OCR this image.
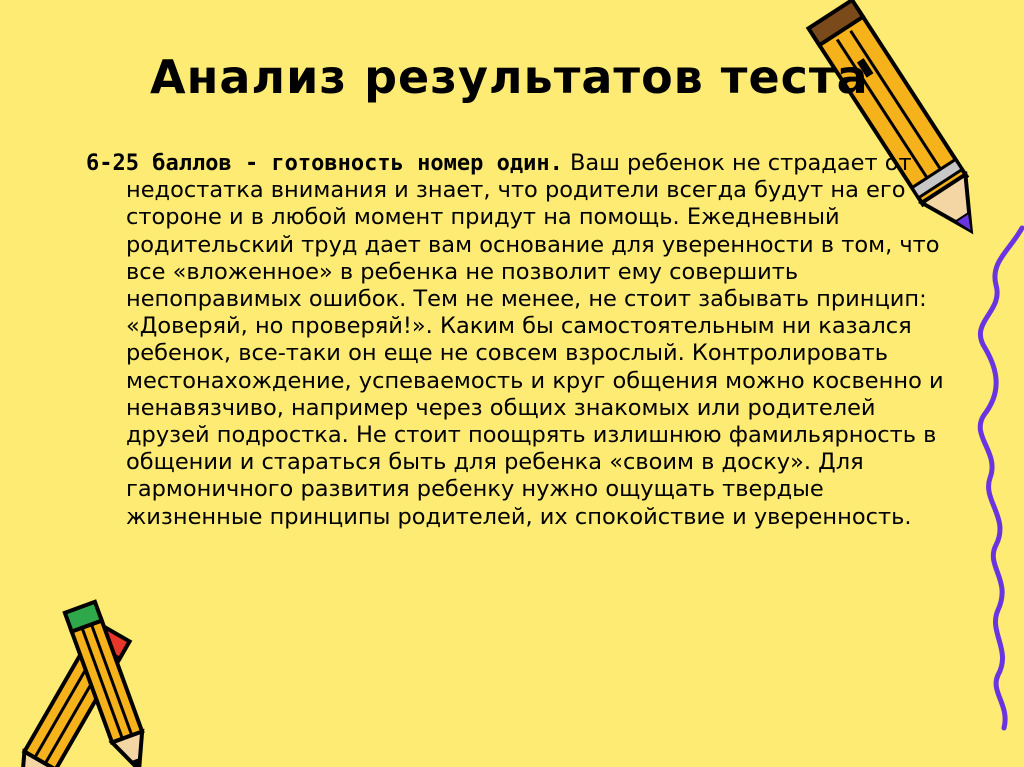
Анализ результатов теста

6-25 баллов - готовность номер один. Ваш ребенок не страдает от недостатка внимания и знает, что родители всегда будут на его стороне и в любой момент придут на помощь. Ежедневный родительский труд дает вам основание для уверенности в том, что все «вложенное» в ребенка не позволит ему совершить непоправимых ошибок. Тем не менее, не стоит забывать принцип: «Доверяй, но проверяй!». Каким бы самостоятельным ни казался ребенок, все-таки он еще не совсем взрослый. Контролировать местонахождение, успеваемость и круг общения можно косвенно и ненавязчиво, например через общих знакомых или родителей друзей подростка. Не стоит поощрять излишнюю фамильярность в общении и стараться быть для ребенка «своим в доску». Для гармоничного развития ребенку нужно ощущать твердые жизненные принципы родителей, их спокойствие и уверенность.
